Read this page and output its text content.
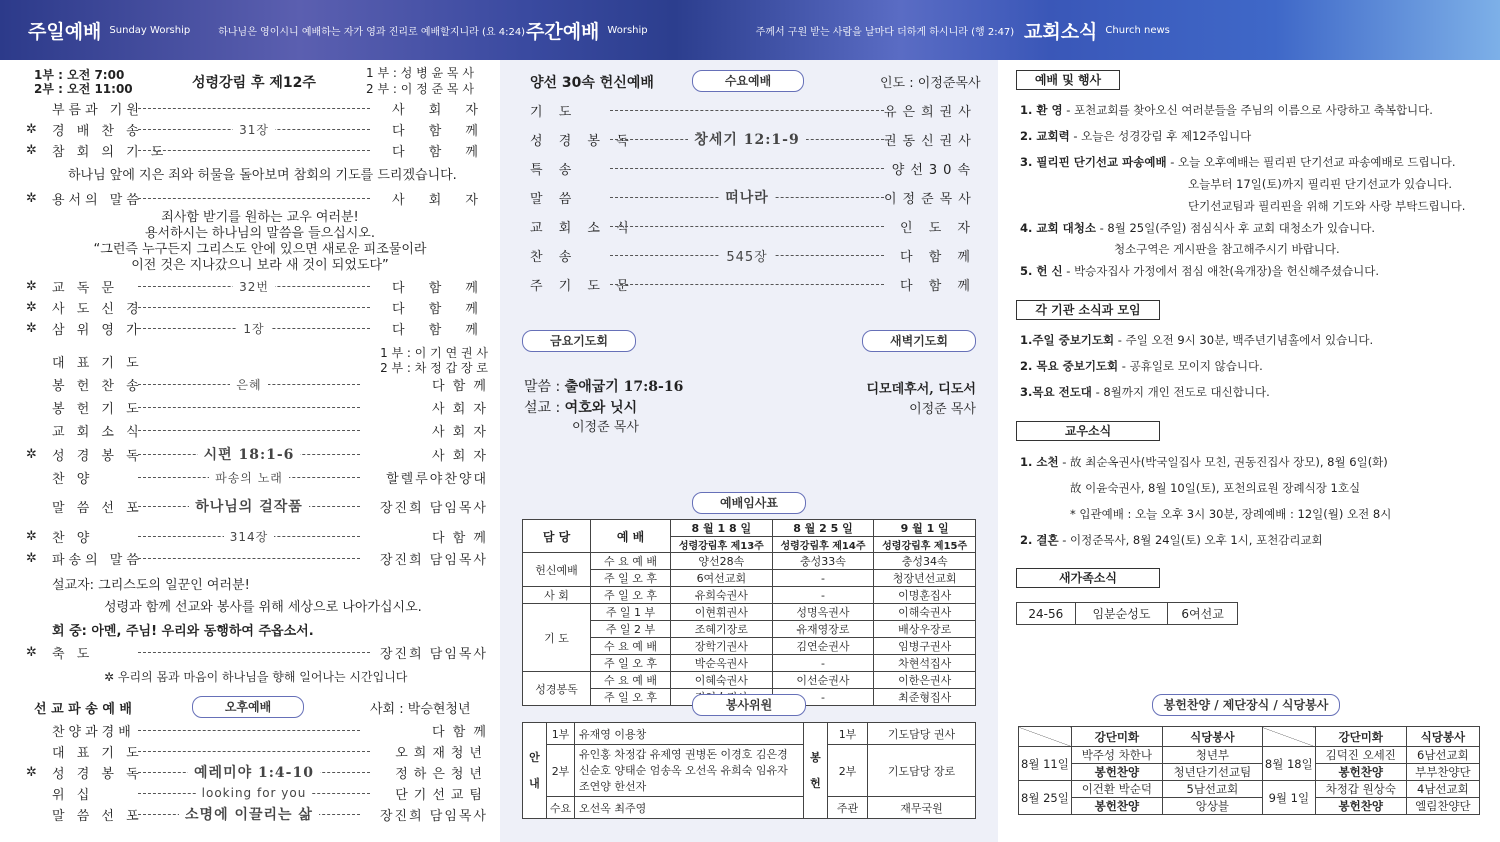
주일예배 Sunday Worship	하나님은 영이시니 예배하는 자가 영과 진리로 예배할지니라 (요 4:24) 주간예배 Worship	주께서 구원 받는 사람을 날마다 더하게 하시니라 (행 2:47) 교회소식 Church news
1부 : 오전 7:00
2부 : 오전 11:00	성령강림 후 제12주
1 부 : 성 병 윤 목 사
2 부 : 이 정 준 목 사
부름과 기원	사 회 자
✲	경 배 찬 송	31장	다 함 께
✲	참 회 의 기 도	다 함 께
하나님 앞에 지은 죄와 허물을 돌아보며 참회의 기도를 드리겠습니다.
✲	용서의 말씀	사 회 자
죄사함 받기를 원하는 교우 여러분!
용서하시는 하나님의 말씀을 들으십시오.
“그런즉 누구든지 그리스도 안에 있으면 새로운 피조물이라
이전 것은 지나갔으니 보라 새 것이 되었도다”
✲	교 독 문	32번	다 함 께
✲	사 도 신 경	다 함 께
✲	삼 위 영 가	1장	다 함 께
대 표 기 도
1 부 : 이 기 연 권 사
2 부 : 차 정 갑 장 로
봉 헌 찬 송	은혜	다 함 께
봉 헌 기 도	사 회 자
교 회 소 식	사 회 자
✲	성 경 봉 독	시편 18:1-6	사 회 자
찬 양	파송의 노래	할렐루야찬양대
말 씀 선 포	하나님의 걸작품	장진희 담임목사
✲	찬 양	314장	다 함 께
✲	파송의 말씀	장진희 담임목사
설교자: 그리스도의 일꾼인 여러분!
성령과 함께 선교와 봉사를 위해 세상으로 나아가십시오.
회 중: 아멘, 주님! 우리와 동행하여 주옵소서.
✲	축 도	장진희 담임목사
✲ 우리의 몸과 마음이 하나님을 향해 일어나는 시간입니다
선 교 파 송 예 배	오후예배	사회 : 박승현청년
찬양과경배	다 함 께
대 표 기 도	오희재청년
✲	성 경 봉 독	예레미야 1:4-10	정하은청년
위 십	looking for you	단기선교팀
말 씀 선 포	소명에 이끌리는 삶	장진희 담임목사
양선 30속 헌신예배	수요예배	인도 : 이정준목사
기 도	유은희권사
성 경 봉 독	창세기 12:1-9	권동신권사
특 송	양선30속
말 씀	떠나라	이정준목사
교 회 소 식	인 도 자
찬 송	545장	다 함 께
주 기 도 문	다 함 께
금요기도회	새벽기도회
말씀 : 출애굽기 17:8-16
설교 : 여호와 닛시
이정준 목사
디모데후서, 디도서
이정준 목사
예배임사표
담 당	예 배	8 월 1 8 일	8 월 2 5 일	9 월 1 일
		성령강림후 제13주	성령강림후 제14주	성령강림후 제15주
헌신예배	수 요 예 배	양선28속	충성33속	충성34속
	주 일 오 후	6여선교회	-	청장년선교회
사 회	주 일 오 후	유희숙권사	-	이명훈집사
기 도	주 일 1 부	이현휘권사	성명옥권사	이해숙권사
	주 일 2 부	조혜기장로	유재영장로	배상우장로
	수 요 예 배	장학기권사	김연순권사	임병구권사
	주 일 오 후	박순옥권사	-	차현석집사
성경봉독	수 요 예 배	이혜숙권사	이선순권사	이한은권사
	주 일 오 후		-	최준형집사
봉사위원
안내	1부	유재영 이용창	봉헌	1부	기도담당 권사
	2부	유인홍 차정갑 유제영 권병돈 이경호 김은경
신순호 양태순 엄송옥 오선옥 유희숙 임유자
조연양 한선자		2부	기도담당 장로
	수요	오선옥 최주영		주관	재무국원
예배 및 행사
1. 환 영 - 포천교회를 찾아오신 여러분들을 주님의 이름으로 사랑하고 축복합니다.
2. 교회력 - 오늘은 성경강림 후 제12주입니다
3. 필리핀 단기선교 파송예배 - 오늘 오후예배는 필리핀 단기선교 파송예배로 드립니다.
오늘부터 17일(토)까지 필리핀 단기선교가 있습니다.
단기선교팀과 필리핀을 위해 기도와 사랑 부탁드립니다.
4. 교회 대청소 - 8월 25일(주일) 점심식사 후 교회 대청소가 있습니다.
청소구역은 게시판을 참고해주시기 바랍니다.
5. 헌 신 - 박승자집사 가정에서 점심 애찬(육개장)을 헌신해주셨습니다.
각 기관 소식과 모임
1.주일 중보기도회 - 주일 오전 9시 30분, 백주년기념홀에서 있습니다.
2. 목요 중보기도회 - 공휴일로 모이지 않습니다.
3.목요 전도대 - 8월까지 개인 전도로 대신합니다.
교우소식
1. 소천 - 故 최순옥권사(박국일집사 모친, 권동진집사 장모), 8월 6일(화)
故 이윤숙권사, 8월 10일(토), 포천의료원 장례식장 1호실
* 입관예배 : 오늘 오후 3시 30분, 장례예배 : 12일(월) 오전 8시
2. 결혼 - 이정준목사, 8월 24일(토) 오후 1시, 포천감리교회
새가족소식
24-56	임분순성도	6여선교
봉헌찬양 / 제단장식 / 식당봉사
	강단미화	식당봉사		강단미화	식당봉사
8월 11일	박주성 차한나	청년부	8월 18일	김덕진 오세진	6남선교회
	봉헌찬양	청년단기선교팀		봉헌찬양	부부찬양단
8월 25일	이건환 박순덕	5남선교회	9월 1일	차정갑 원상숙	4남선교회
	봉헌찬양	앙상블		봉헌찬양	엘림찬양단
